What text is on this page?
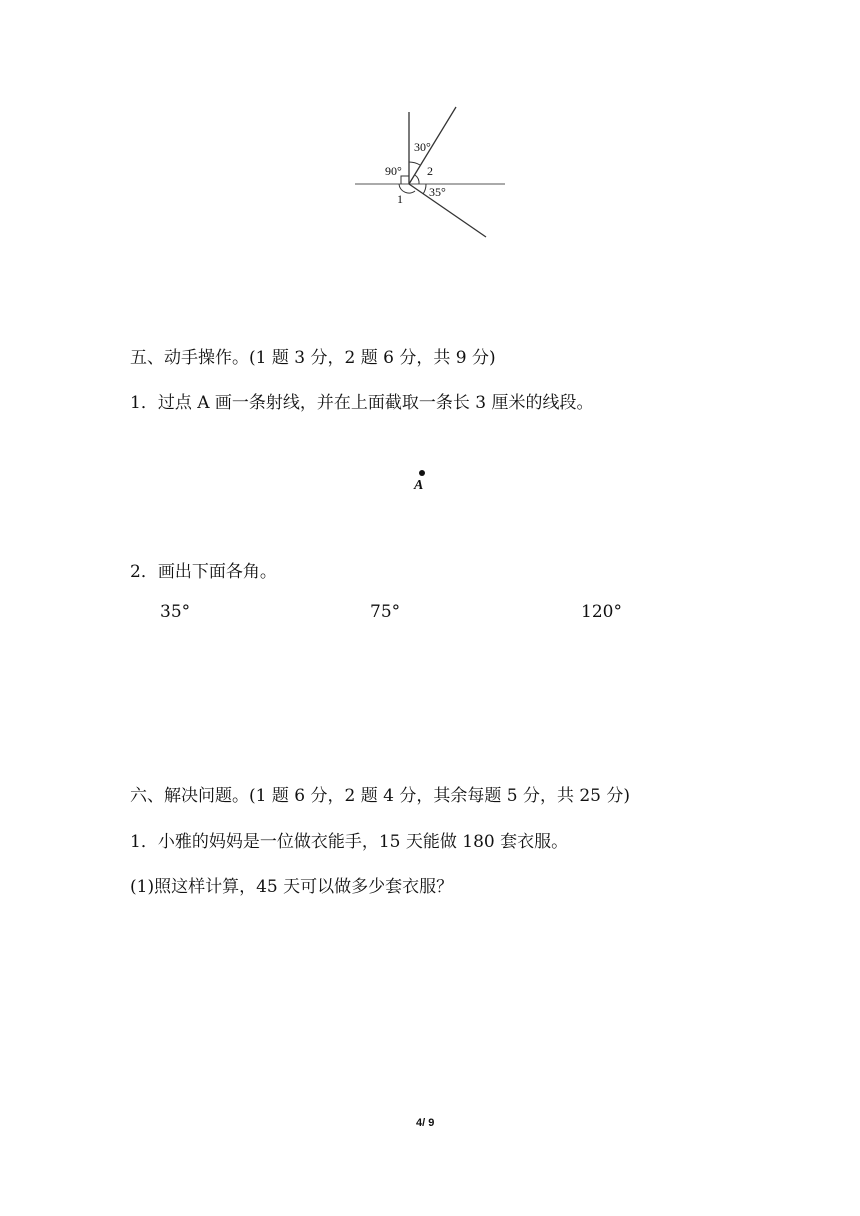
90°
30°
2
35°
1
五、动手操作。(1 题 3 分，2 题 6 分，共 9 分)
1．过点 A 画一条射线，并在上面截取一条长 3 厘米的线段。
A
2．画出下面各角。
35°	75°	120°
六、解决问题。(1 题 6 分，2 题 4 分，其余每题 5 分，共 25 分)
1．小雅的妈妈是一位做衣能手，15 天能做 180 套衣服。
(1)照这样计算，45 天可以做多少套衣服？
4/ 9
